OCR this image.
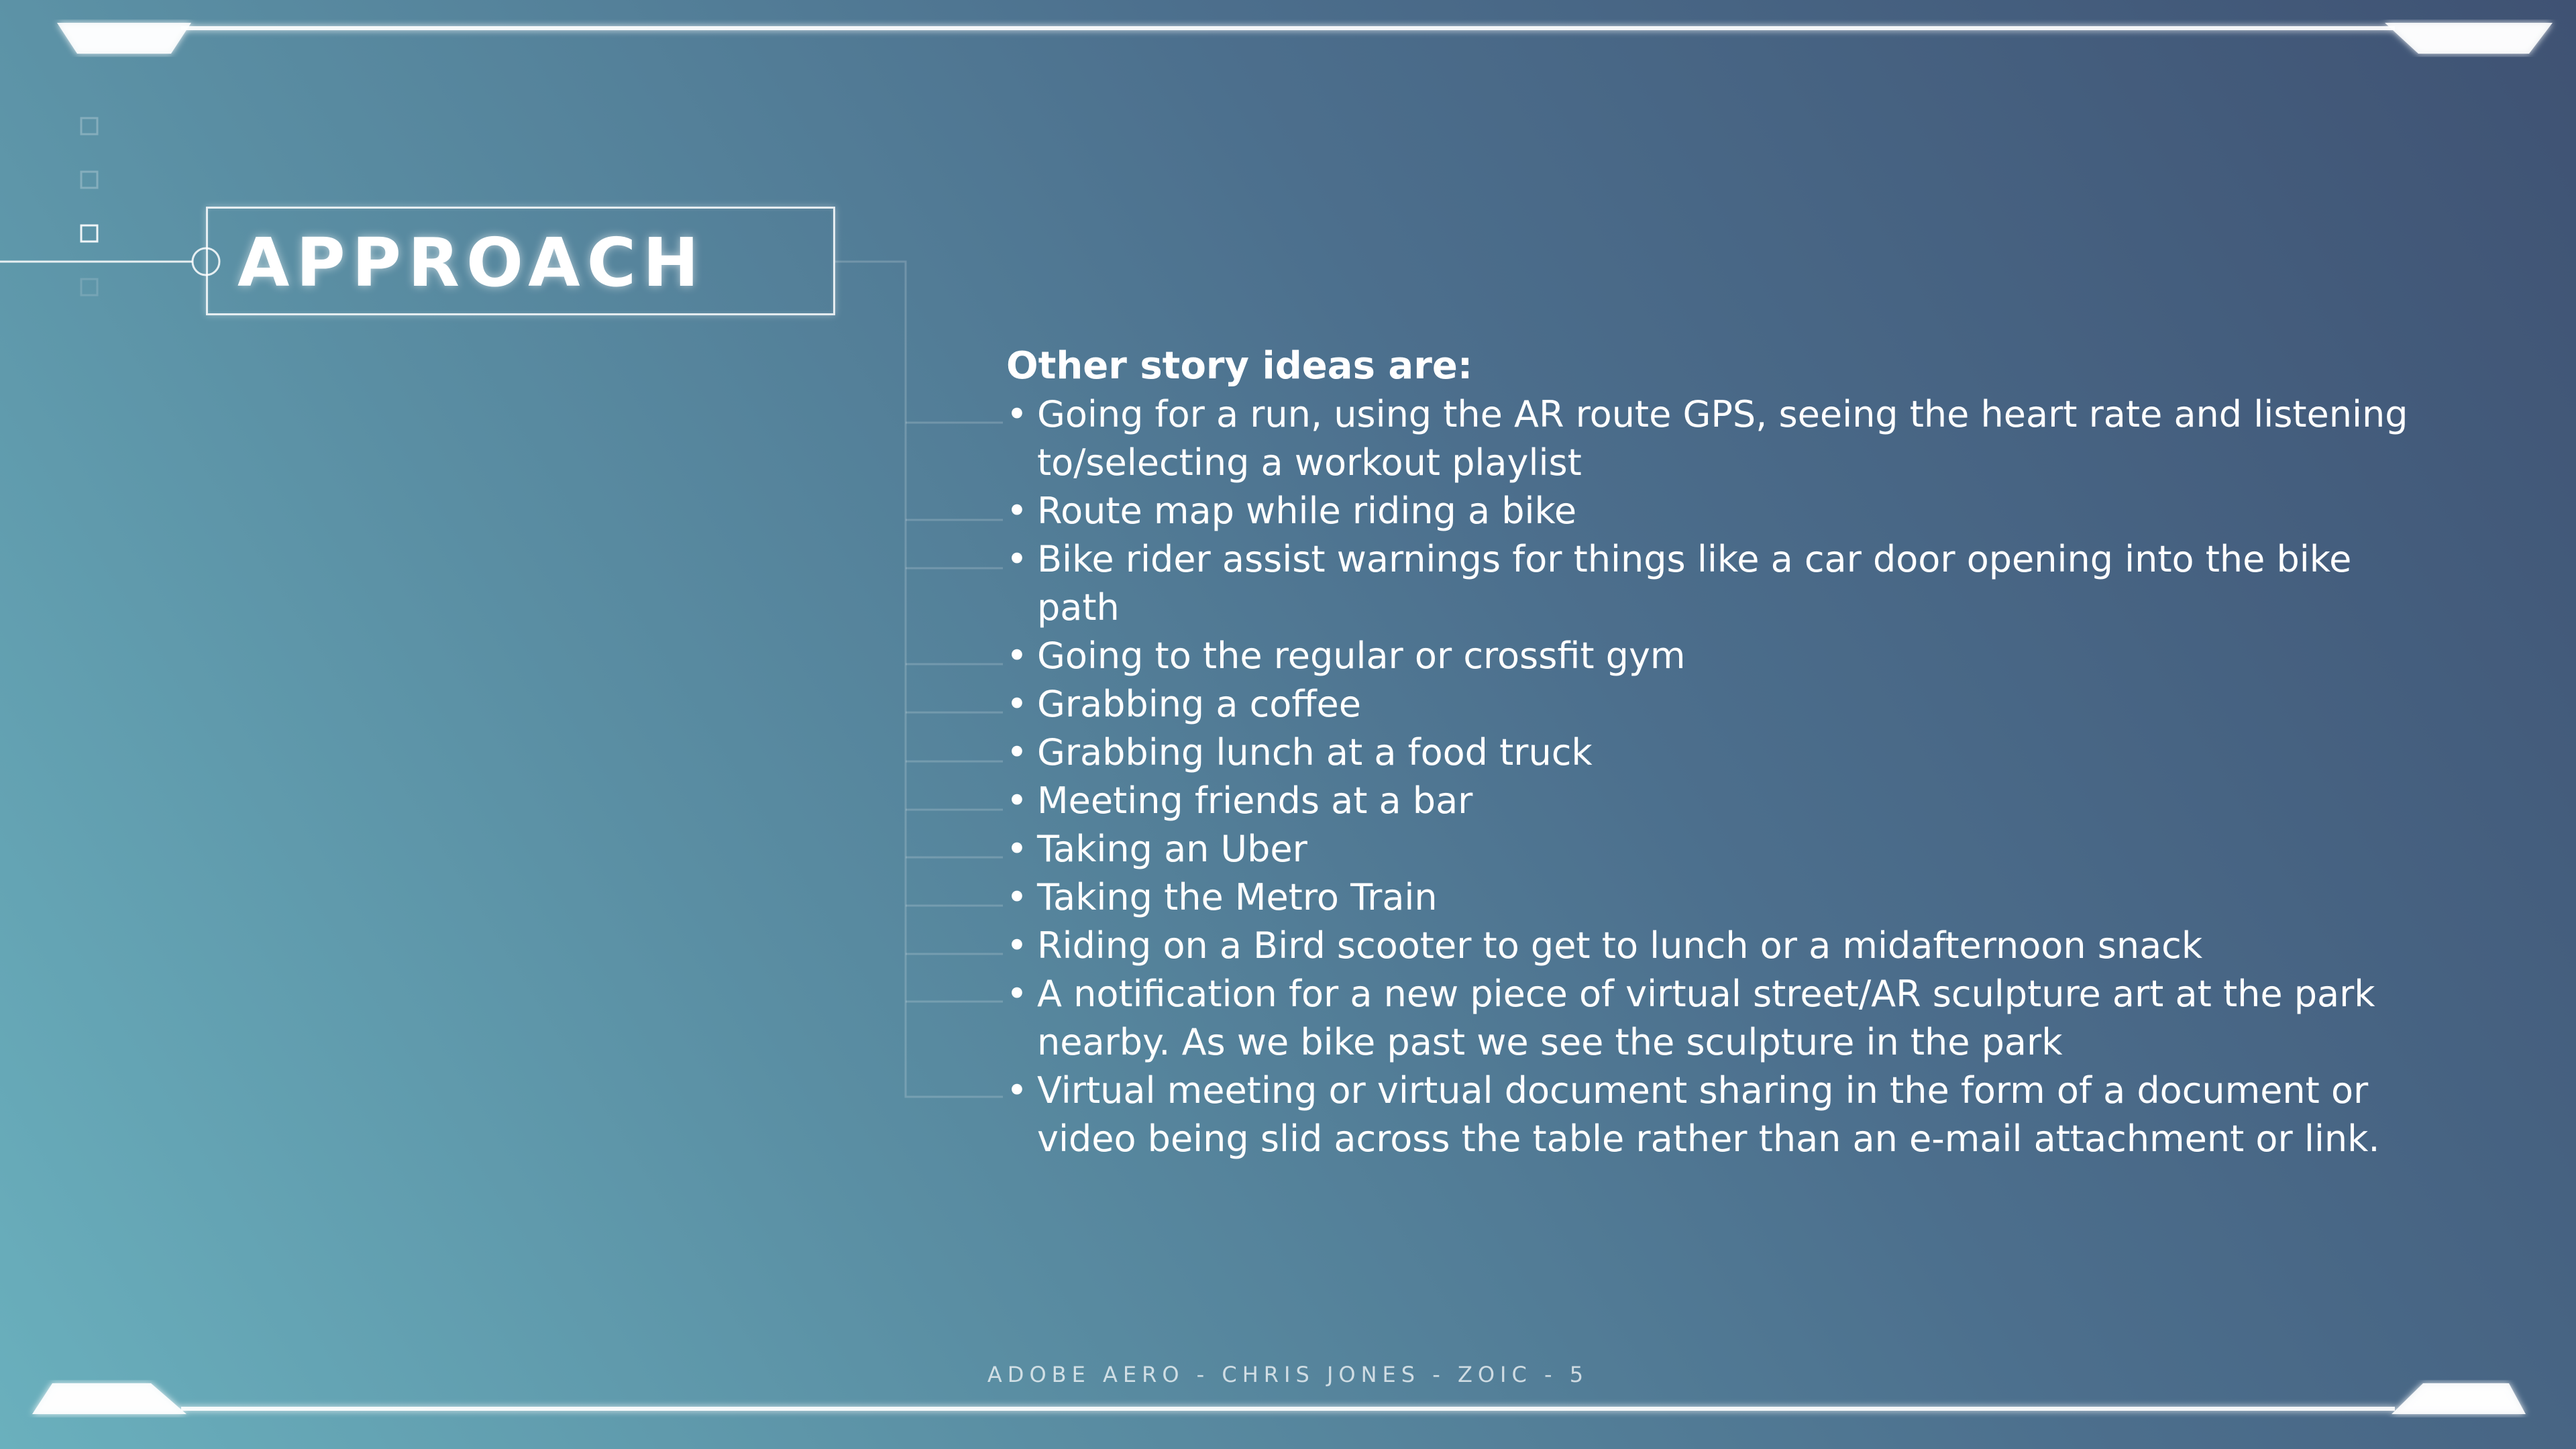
APPROACH
Other story ideas are:
• Going for a run, using the AR route GPS, seeing the heart rate and listening to/selecting a workout playlist
• Route map while riding a bike
• Bike rider assist warnings for things like a car door opening into the bike path
• Going to the regular or crossfit gym
• Grabbing a coffee
• Grabbing lunch at a food truck
• Meeting friends at a bar
• Taking an Uber
• Taking the Metro Train
• Riding on a Bird scooter to get to lunch or a midafternoon snack
• A notification for a new piece of virtual street/AR sculpture art at the park nearby. As we bike past we see the sculpture in the park
• Virtual meeting or virtual document sharing in the form of a document or video being slid across the table rather than an e-mail attachment or link.
ADOBE AERO - CHRIS JONES - ZOIC - 5
